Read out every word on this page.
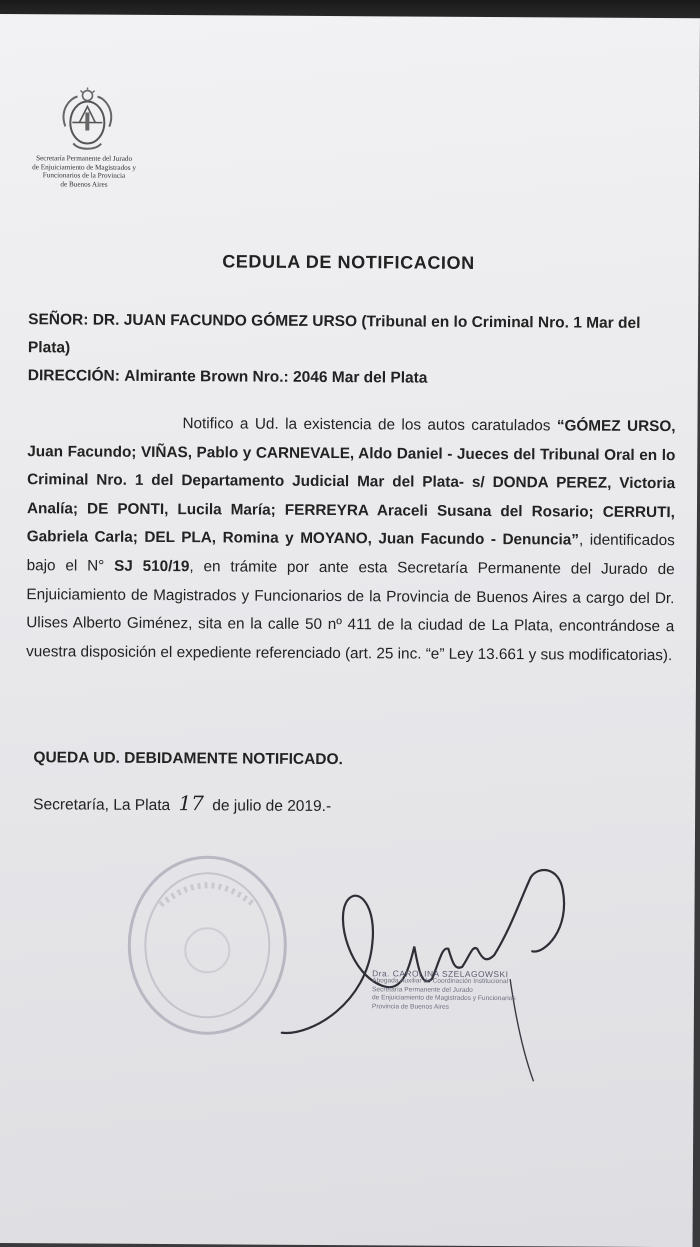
Secretaría Permanente del Jurado
de Enjuiciamiento de Magistrados y
Funcionarios de la Provincia
de Buenos Aires
CEDULA DE NOTIFICACION
SEÑOR: DR. JUAN FACUNDO GÓMEZ URSO (Tribunal en lo Criminal Nro. 1 Mar del Plata)
DIRECCIÓN: Almirante Brown Nro.: 2046 Mar del Plata
Notifico a Ud. la existencia de los autos caratulados “GÓMEZ URSO, Juan Facundo; VIÑAS, Pablo y CARNEVALE, Aldo Daniel - Jueces del Tribunal Oral en lo Criminal Nro. 1 del Departamento Judicial Mar del Plata- s/ DONDA PEREZ, Victoria Analía; DE PONTI, Lucila María; FERREYRA Araceli Susana del Rosario; CERRUTI, Gabriela Carla; DEL PLA, Romina y MOYANO, Juan Facundo - Denuncia”, identificados bajo el N° SJ 510/19, en trámite por ante esta Secretaría Permanente del Jurado de Enjuiciamiento de Magistrados y Funcionarios de la Provincia de Buenos Aires a cargo del Dr. Ulises Alberto Giménez, sita en la calle 50 nº 411 de la ciudad de La Plata, encontrándose a vuestra disposición el expediente referenciado (art. 25 inc. “e” Ley 13.661 y sus modificatorias).
QUEDA UD. DEBIDAMENTE NOTIFICADO.
Secretaría, La Plata 17 de julio de 2019.-
Dra. CAROLINA SZELAGOWSKI
Abogada Auxiliar de Coordinación Institucional
Secretaría Permanente del Jurado
de Enjuiciamiento de Magistrados y Funcionarios
Provincia de Buenos Aires
